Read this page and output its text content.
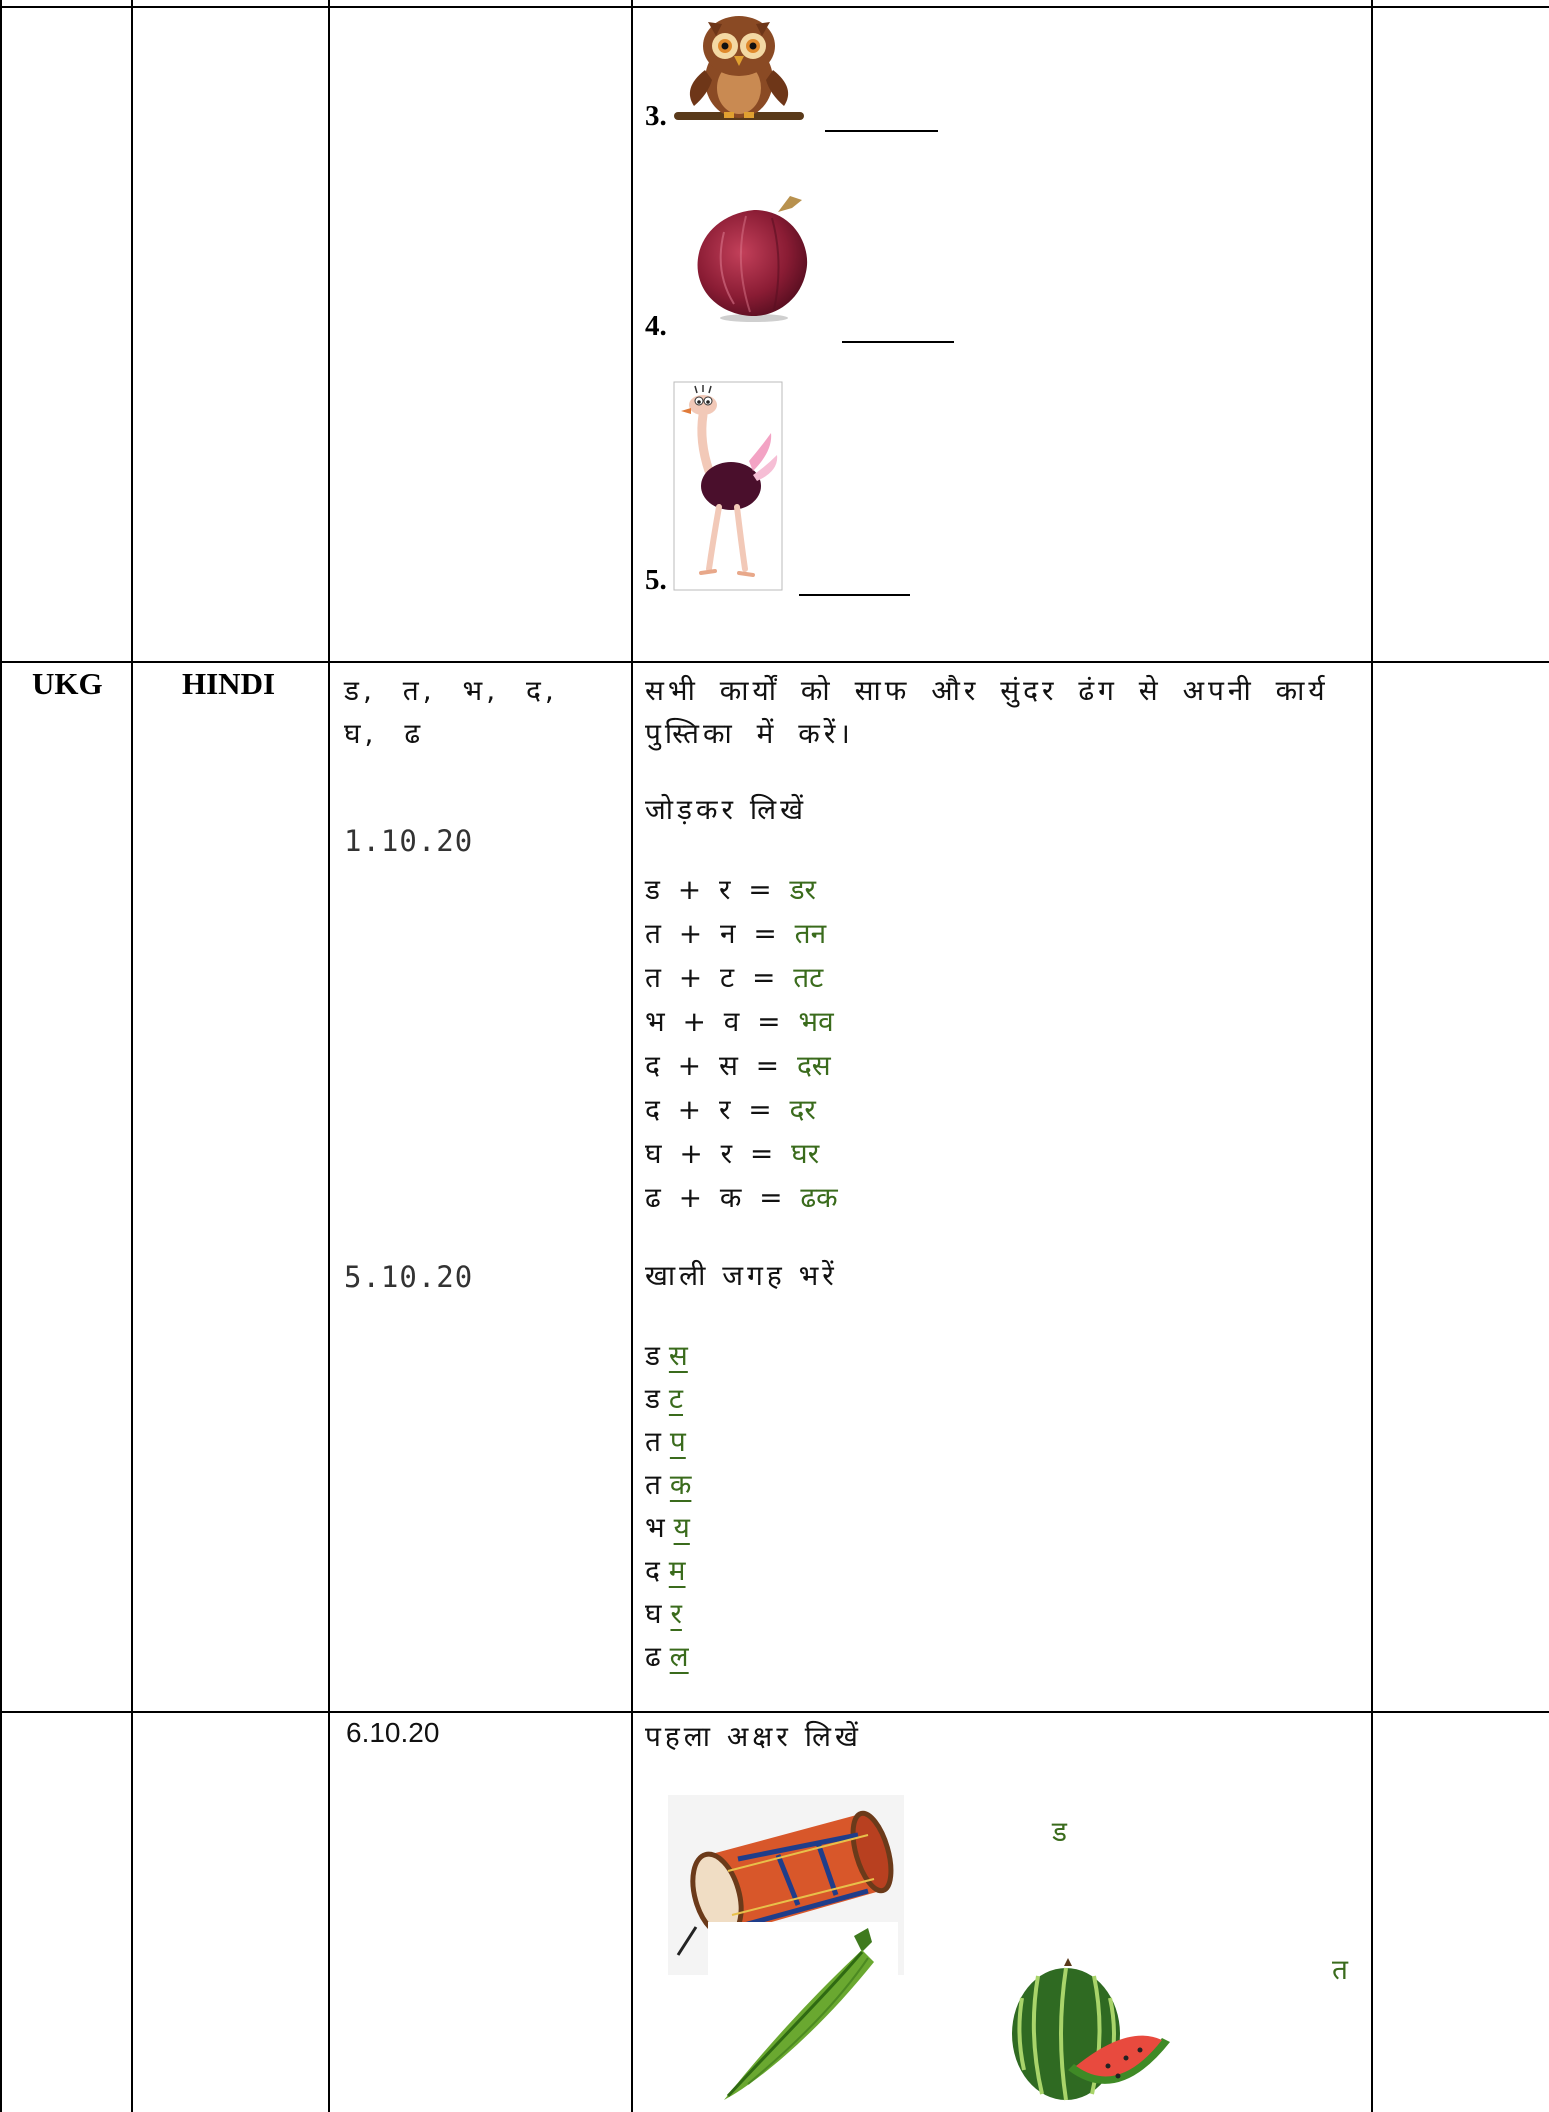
3.
4.
5.
UKG	HINDI ड, त, भ, द, घ, ढ
1.10.20
5.10.20
सभी कार्यों को साफ और सुंदर ढंग से अपनी कार्य पुस्तिका में करें।
जोड़कर लिखें
ड  +  र  =  डर
त  +  न  =  तन
त  +  ट  =  तट
भ  +  व  =  भव
द  +  स  =  दस
द  +  र  =  दर
घ  +  र  =  घर
ढ  +  क  =  ढक
खाली जगह भरें
ड स
ड ट
त प
त क
भ य
द म
घ र
ढ ल
6.10.20	पहला अक्षर लिखें
ड
त
